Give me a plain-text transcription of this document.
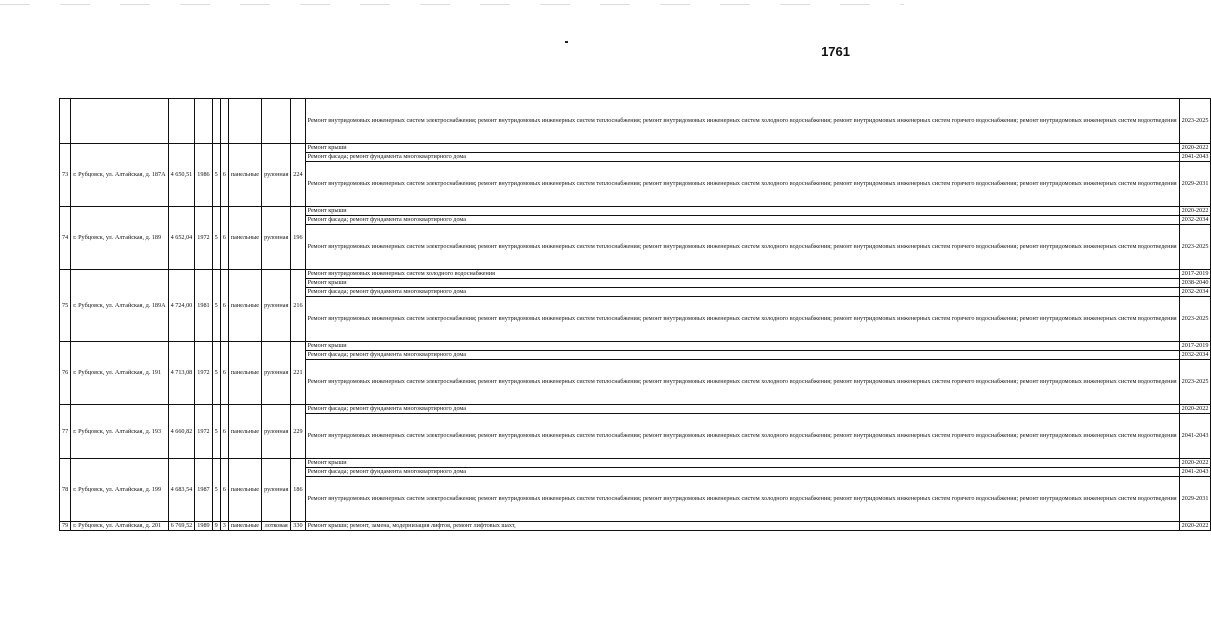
1761
									Ремонт внутридомовых инженерных систем электроснабжения; ремонт внутридомовых инженерных систем теплоснабжения; ремонт внутридомовых инженерных систем холодного водоснабжения; ремонт внутридомовых инженерных систем горячего водоснабжения; ремонт внутридомовых инженерных систем водоотведения	2023-2025
73	г. Рубцовск, ул. Алтайская, д. 187А	4 650,51	1986	5	6	панельные	рулонная	224	Ремонт крыши	2020-2022
									Ремонт фасада; ремонт фундамента многоквартирного дома	2041-2043
									Ремонт внутридомовых инженерных систем электроснабжения; ремонт внутридомовых инженерных систем теплоснабжения; ремонт внутридомовых инженерных систем холодного водоснабжения; ремонт внутридомовых инженерных систем горячего водоснабжения; ремонт внутридомовых инженерных систем водоотведения	2029-2031
74	г. Рубцовск, ул. Алтайская, д. 189	4 652,04	1972	5	6	панельные	рулонная	196	Ремонт крыши	2020-2022
									Ремонт фасада; ремонт фундамента многоквартирного дома	2032-2034
									Ремонт внутридомовых инженерных систем электроснабжения; ремонт внутридомовых инженерных систем теплоснабжения; ремонт внутридомовых инженерных систем холодного водоснабжения; ремонт внутридомовых инженерных систем горячего водоснабжения; ремонт внутридомовых инженерных систем водоотведения	2023-2025
75	г. Рубцовск, ул. Алтайская, д. 189А	4 724,00	1981	5	6	панельные	рулонная	216	Ремонт внутридомовых инженерных систем холодного водоснабжения	2017-2019
									Ремонт крыши	2038-2040
									Ремонт фасада; ремонт фундамента многоквартирного дома	2032-2034
									Ремонт внутридомовых инженерных систем электроснабжения; ремонт внутридомовых инженерных систем теплоснабжения; ремонт внутридомовых инженерных систем холодного водоснабжения; ремонт внутридомовых инженерных систем горячего водоснабжения; ремонт внутридомовых инженерных систем водоотведения	2023-2025
76	г. Рубцовск, ул. Алтайская, д. 191	4 713,08	1972	5	6	панельные	рулонная	221	Ремонт крыши	2017-2019
									Ремонт фасада; ремонт фундамента многоквартирного дома	2032-2034
									Ремонт внутридомовых инженерных систем электроснабжения; ремонт внутридомовых инженерных систем теплоснабжения; ремонт внутридомовых инженерных систем холодного водоснабжения; ремонт внутридомовых инженерных систем горячего водоснабжения; ремонт внутридомовых инженерных систем водоотведения	2023-2025
77	г. Рубцовск, ул. Алтайская, д. 193	4 660,82	1972	5	6	панельные	рулонная	229	Ремонт фасада; ремонт фундамента многоквартирного дома	2020-2022
									Ремонт внутридомовых инженерных систем электроснабжения; ремонт внутридомовых инженерных систем теплоснабжения; ремонт внутридомовых инженерных систем холодного водоснабжения; ремонт внутридомовых инженерных систем горячего водоснабжения; ремонт внутридомовых инженерных систем водоотведения	2041-2043
78	г. Рубцовск, ул. Алтайская, д. 199	4 683,54	1987	5	6	панельные	рулонная	186	Ремонт крыши	2020-2022
									Ремонт фасада; ремонт фундамента многоквартирного дома	2041-2043
									Ремонт внутридомовых инженерных систем электроснабжения; ремонт внутридомовых инженерных систем теплоснабжения; ремонт внутридомовых инженерных систем холодного водоснабжения; ремонт внутридомовых инженерных систем горячего водоснабжения; ремонт внутридомовых инженерных систем водоотведения	2029-2031
79	г. Рубцовск, ул. Алтайская, д. 201	6 769,52	1989	9	3	панельные	лотковая	330	Ремонт крыши; ремонт, замена, модернизация лифтов, ремонт лифтовых шахт,	2020-2022
